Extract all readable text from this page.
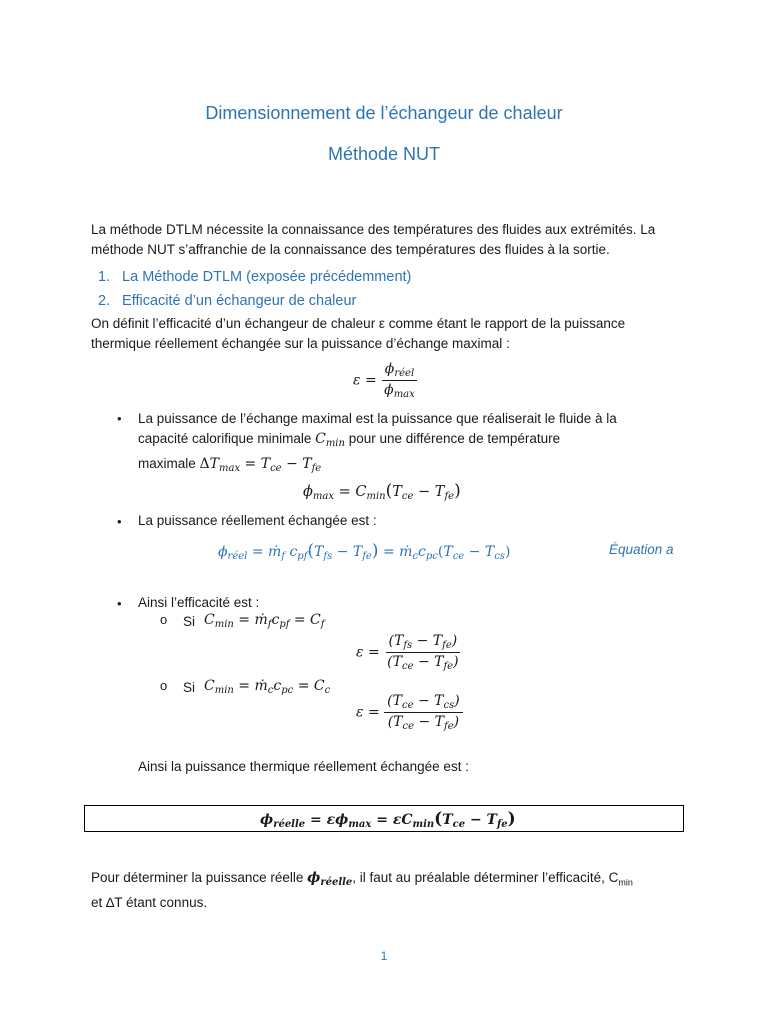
Dimensionnement de l’échangeur de chaleur
Méthode NUT
La méthode DTLM nécessite la connaissance des températures des fluides aux extrémités. La
méthode NUT s’affranchie de la connaissance des températures des fluides à la sortie.
1. La Méthode DTLM (exposée précédemment)
2. Efficacité d’un échangeur de chaleur
On définit l’efficacité d’un échangeur de chaleur ε comme étant le rapport de la puissance
thermique réellement échangée sur la puissance d’échange maximal :
$\varepsilon = \frac{\phi_{réel}}{\phi_{max}}$
• La puissance de l’échange maximal est la puissance que réaliserait le fluide à la
capacité calorifique minimale $C_{min}$ pour une différence de température
maximale $\Delta T_{max} = T_{ce} - T_{fe}$
$\phi_{max} = C_{min}(T_{ce} - T_{fe})$
• La puissance réellement échangée est :
$\phi_{réel}$ = ṁ$_f$ $c_{pf}(T_{fs} - T_{fe})$ = $ṁ_cc_{pc}(T_{ce} - T_{cs})$	Équation a
• Ainsi l’efficacité est :
o Si $C_{min}$ = $ṁ_fc_{pf} = C_f$
$\varepsilon = \frac{(T_{fs} - T_{fe})}{(T_{ce} - T_{fe})}$
o Si $C_{min}$ = $ṁ_cc_{pc} = C_c$
$\varepsilon = \frac{(T_{ce} - T_{cs})}{(T_{ce} - T_{fe})}$
Ainsi la puissance thermique réellement échangée est :
$\phi_{réelle} = \varepsilon\phi_{max} = \varepsilon C_{min}(T_{ce} - T_{fe})$
Pour déterminer la puissance réelle $\phi_{réelle}$, il faut au préalable déterminer l’efficacité, $C_{min}$
et ∆T étant connus.
1
